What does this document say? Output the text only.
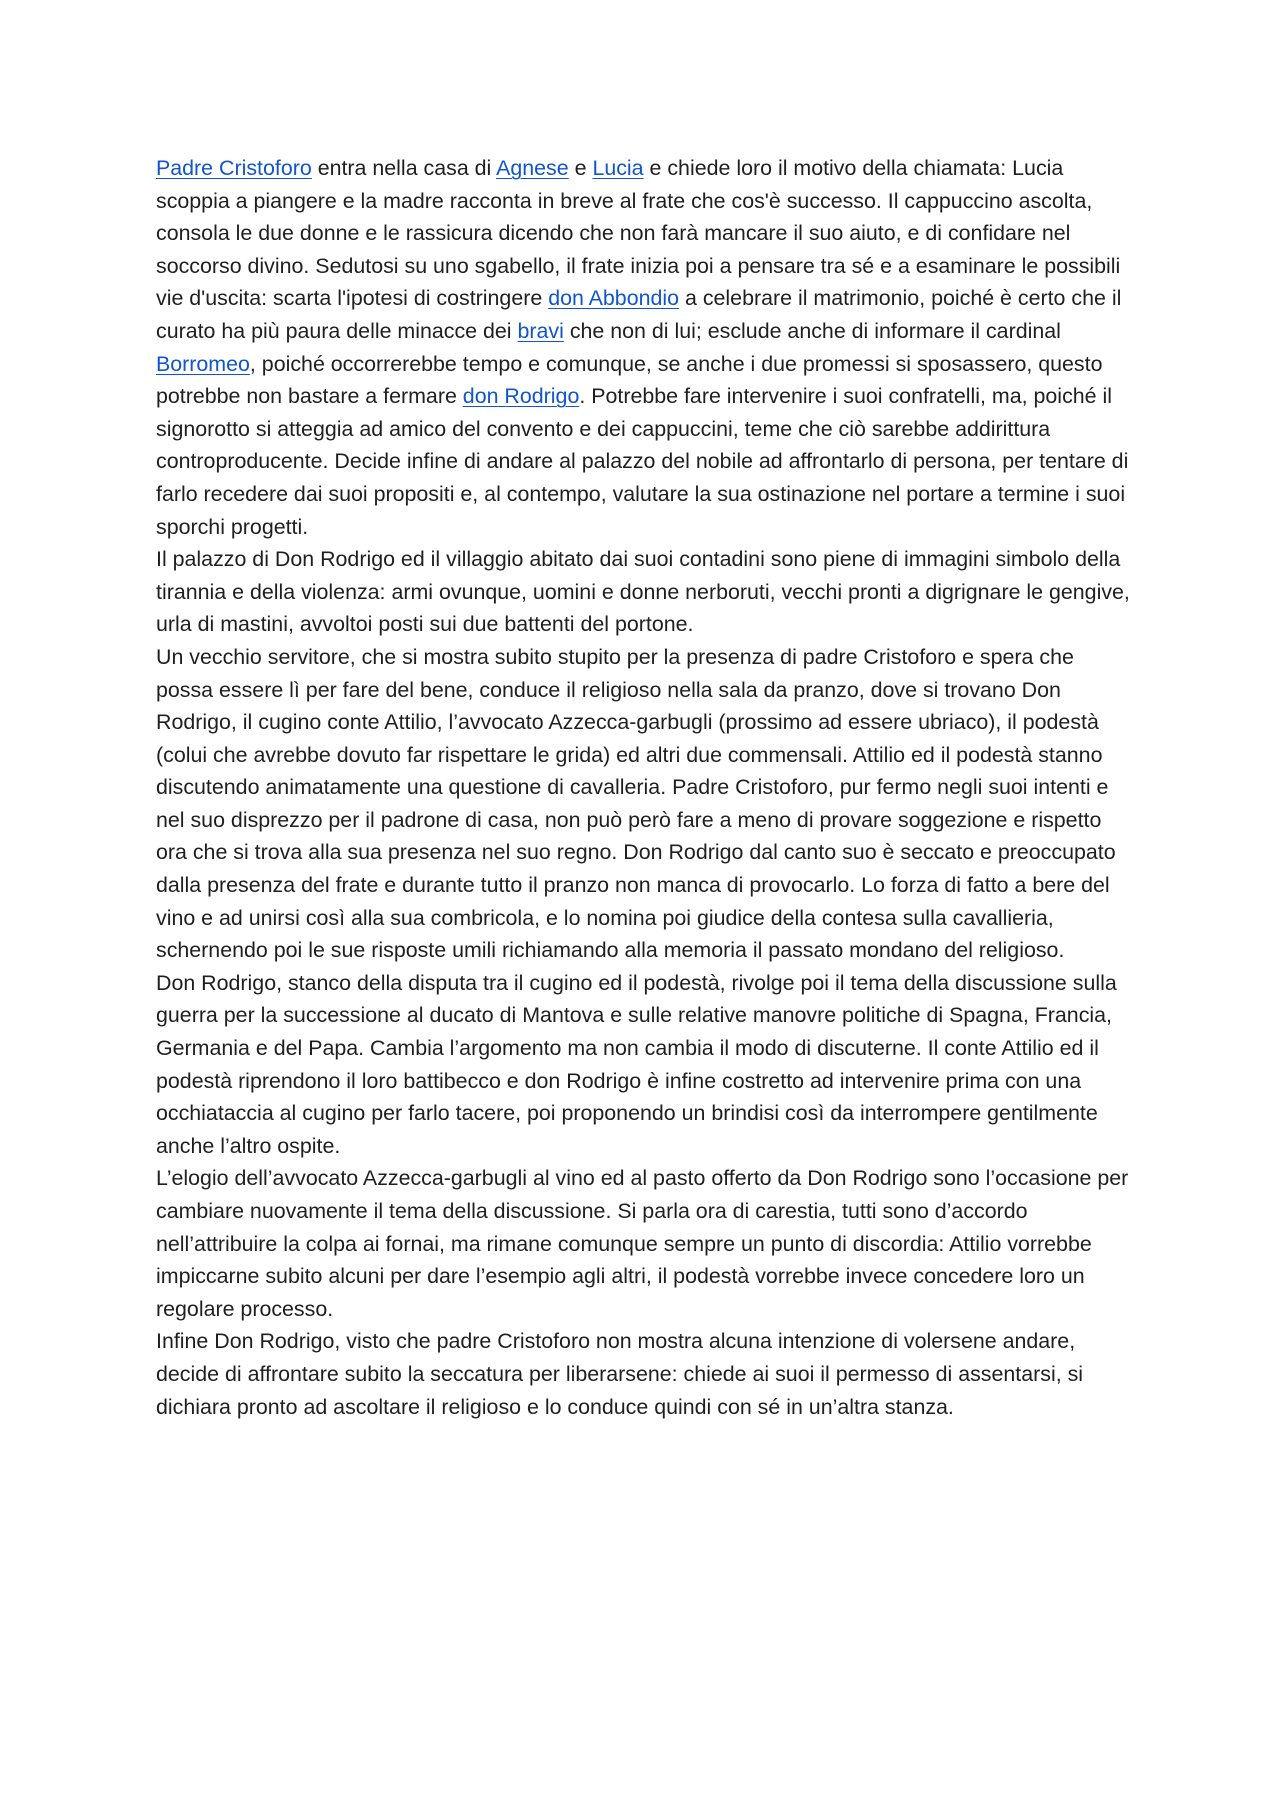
Padre Cristoforo entra nella casa di Agnese e Lucia e chiede loro il motivo della chiamata: Lucia scoppia a piangere e la madre racconta in breve al frate che cos'è successo. Il cappuccino ascolta, consola le due donne e le rassicura dicendo che non farà mancare il suo aiuto, e di confidare nel soccorso divino. Sedutosi su uno sgabello, il frate inizia poi a pensare tra sé e a esaminare le possibili vie d'uscita: scarta l'ipotesi di costringere don Abbondio a celebrare il matrimonio, poiché è certo che il curato ha più paura delle minacce dei bravi che non di lui; esclude anche di informare il cardinal Borromeo, poiché occorrerebbe tempo e comunque, se anche i due promessi si sposassero, questo potrebbe non bastare a fermare don Rodrigo. Potrebbe fare intervenire i suoi confratelli, ma, poiché il signorotto si atteggia ad amico del convento e dei cappuccini, teme che ciò sarebbe addirittura controproducente. Decide infine di andare al palazzo del nobile ad affrontarlo di persona, per tentare di farlo recedere dai suoi propositi e, al contempo, valutare la sua ostinazione nel portare a termine i suoi sporchi progetti.

Il palazzo di Don Rodrigo ed il villaggio abitato dai suoi contadini sono piene di immagini simbolo della tirannia e della violenza: armi ovunque, uomini e donne nerboruti, vecchi pronti a digrignare le gengive, urla di mastini, avvoltoi posti sui due battenti del portone.

Un vecchio servitore, che si mostra subito stupito per la presenza di padre Cristoforo e spera che possa essere lì per fare del bene, conduce il religioso nella sala da pranzo, dove si trovano Don Rodrigo, il cugino conte Attilio, l’avvocato Azzecca-garbugli (prossimo ad essere ubriaco), il podestà (colui che avrebbe dovuto far rispettare le grida) ed altri due commensali. Attilio ed il podestà stanno discutendo animatamente una questione di cavalleria. Padre Cristoforo, pur fermo negli suoi intenti e nel suo disprezzo per il padrone di casa, non può però fare a meno di provare soggezione e rispetto ora che si trova alla sua presenza nel suo regno. Don Rodrigo dal canto suo è seccato e preoccupato dalla presenza del frate e durante tutto il pranzo non manca di provocarlo. Lo forza di fatto a bere del vino e ad unirsi così alla sua combricola, e lo nomina poi giudice della contesa sulla cavallieria, schernendo poi le sue risposte umili richiamando alla memoria il passato mondano del religioso.

Don Rodrigo, stanco della disputa tra il cugino ed il podestà, rivolge poi il tema della discussione sulla guerra per la successione al ducato di Mantova e sulle relative manovre politiche di Spagna, Francia, Germania e del Papa. Cambia l’argomento ma non cambia il modo di discuterne. Il conte Attilio ed il podestà riprendono il loro battibecco e don Rodrigo è infine costretto ad intervenire prima con una occhiataccia al cugino per farlo tacere, poi proponendo un brindisi così da interrompere gentilmente anche l’altro ospite.

L’elogio dell’avvocato Azzecca-garbugli al vino ed al pasto offerto da Don Rodrigo sono l’occasione per cambiare nuovamente il tema della discussione. Si parla ora di carestia, tutti sono d’accordo nell’attribuire la colpa ai fornai, ma rimane comunque sempre un punto di discordia: Attilio vorrebbe impiccarne subito alcuni per dare l’esempio agli altri, il podestà vorrebbe invece concedere loro un regolare processo.

Infine Don Rodrigo, visto che padre Cristoforo non mostra alcuna intenzione di volersene andare, decide di affrontare subito la seccatura per liberarsene: chiede ai suoi il permesso di assentarsi, si dichiara pronto ad ascoltare il religioso e lo conduce quindi con sé in un’altra stanza.
